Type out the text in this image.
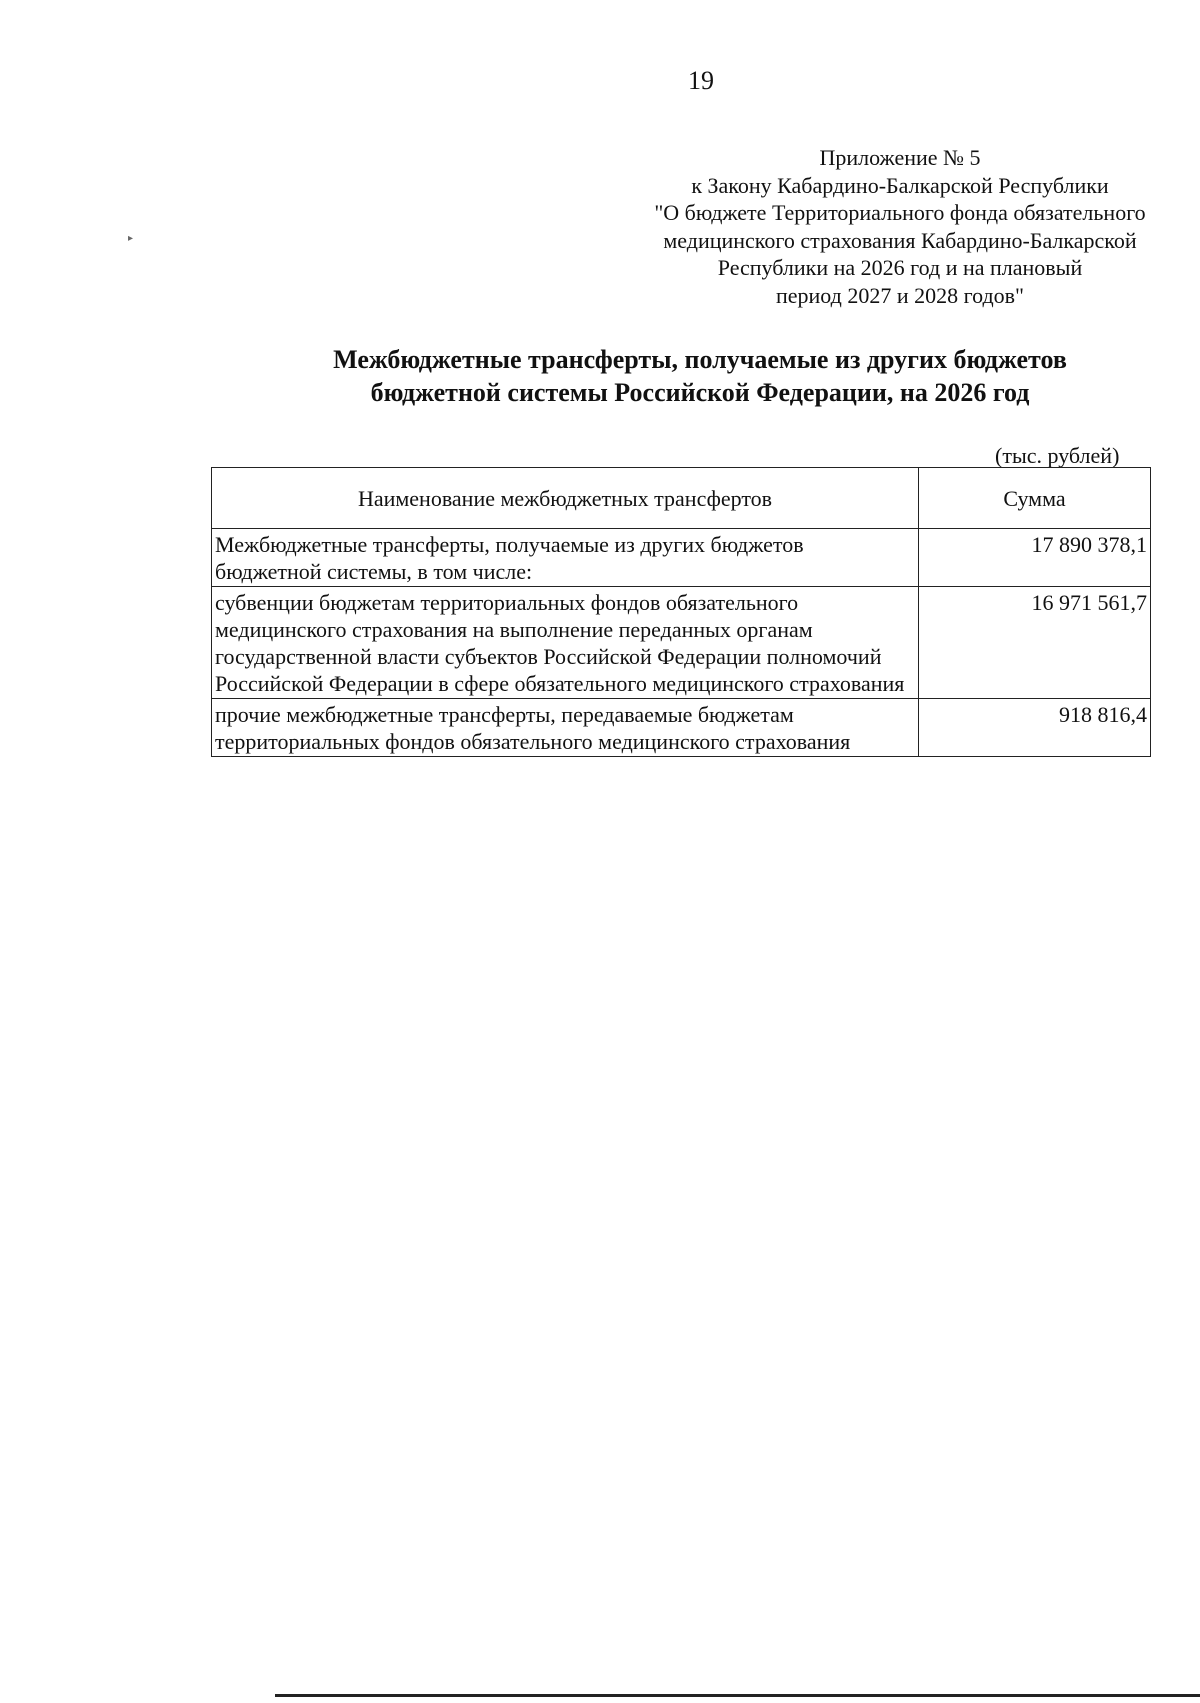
19
▸
Приложение № 5
к Закону Кабардино-Балкарской Республики
"О бюджете Территориального фонда обязательного
медицинского страхования Кабардино-Балкарской
Республики на 2026 год и на плановый
период 2027 и 2028 годов"
Межбюджетные трансферты, получаемые из других бюджетов
бюджетной системы Российской Федерации, на 2026 год
(тыс. рублей)
Наименование межбюджетных трансфертов	Сумма
Межбюджетные трансферты, получаемые из других бюджетов бюджетной системы, в том числе:	17 890 378,1
субвенции бюджетам территориальных фондов обязательного медицинского страхования на выполнение переданных органам государственной власти субъектов Российской Федерации полномочий Российской Федерации в сфере обязательного медицинского страхования	16 971 561,7
прочие межбюджетные трансферты, передаваемые бюджетам территориальных фондов обязательного медицинского страхования	918 816,4
